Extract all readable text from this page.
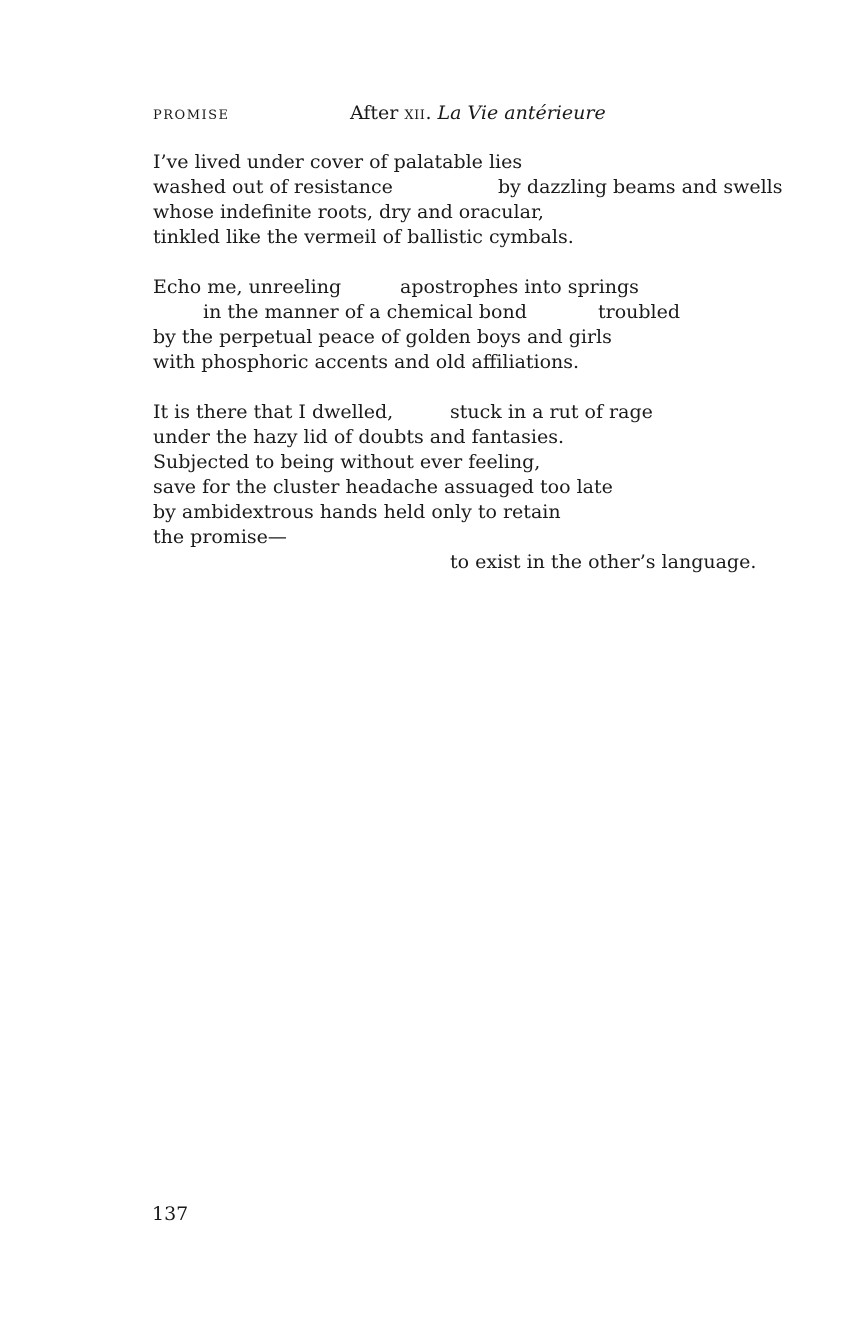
promise	After xii. La Vie antérieure
I’ve lived under cover of palatable lies
washed out of resistance	by dazzling beams and swells
whose indefinite roots, dry and oracular,
tinkled like the vermeil of ballistic cymbals.
Echo me, unreeling	apostrophes into springs
in the manner of a chemical bond	troubled
by the perpetual peace of golden boys and girls
with phosphoric accents and old affiliations.
It is there that I dwelled,	stuck in a rut of rage
under the hazy lid of doubts and fantasies.
Subjected to being without ever feeling,
save for the cluster headache assuaged too late
by ambidextrous hands held only to retain
the promise—
to exist in the other’s language.
137
